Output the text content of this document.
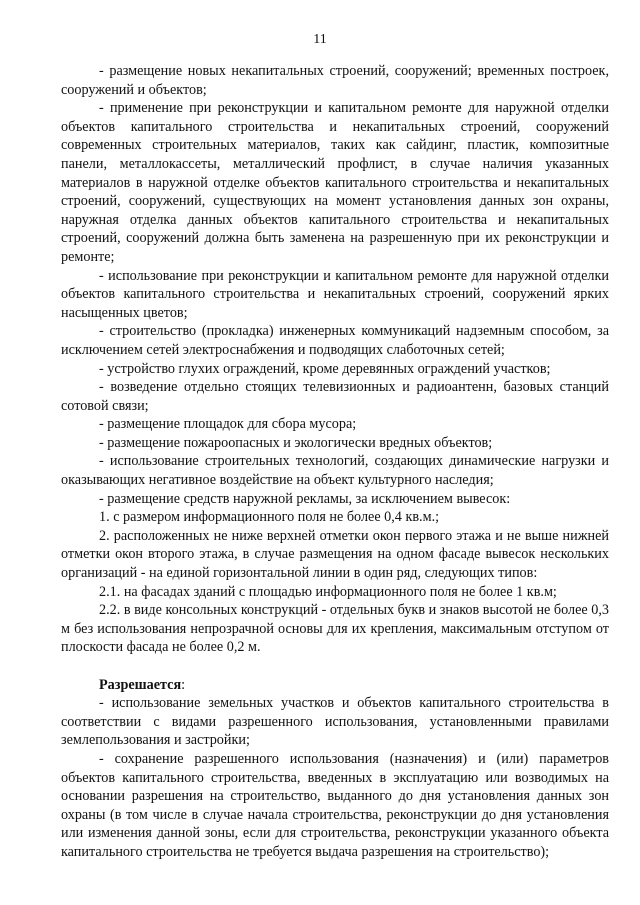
11

- размещение новых некапитальных строений, сооружений; временных построек, сооружений и объектов;

- применение при реконструкции и капитальном ремонте для наружной отделки объектов капитального строительства и некапитальных строений, сооружений современных строительных материалов, таких как сайдинг, пластик, композитные панели, металлокассеты, металлический профлист, в случае наличия указанных материалов в наружной отделке объектов капитального строительства и некапитальных строений, сооружений, существующих на момент установления данных зон охраны, наружная отделка данных объектов капитального строительства и некапитальных строений, сооружений должна быть заменена на разрешенную при их реконструкции и ремонте;

- использование при реконструкции и капитальном ремонте для наружной отделки объектов капитального строительства и некапитальных строений, сооружений ярких насыщенных цветов;

- строительство (прокладка) инженерных коммуникаций надземным способом, за исключением сетей электроснабжения и подводящих слаботочных сетей;

- устройство глухих ограждений, кроме деревянных ограждений участков;

- возведение отдельно стоящих телевизионных и радиоантенн, базовых станций сотовой связи;

- размещение площадок для сбора мусора;

- размещение пожароопасных и экологически вредных объектов;

- использование строительных технологий, создающих динамические нагрузки и оказывающих негативное воздействие на объект культурного наследия;

- размещение средств наружной рекламы, за исключением вывесок:

1. с размером информационного поля не более 0,4 кв.м.;

2. расположенных не ниже верхней отметки окон первого этажа и не выше нижней отметки окон второго этажа, в случае размещения на одном фасаде вывесок нескольких организаций - на единой горизонтальной линии в один ряд, следующих типов:

2.1. на фасадах зданий с площадью информационного поля не более 1 кв.м;

2.2. в виде консольных конструкций - отдельных букв и знаков высотой не более 0,3 м без использования непрозрачной основы для их крепления, максимальным отступом от плоскости фасада не более 0,2 м.

Разрешается:

- использование земельных участков и объектов капитального строительства в соответствии с видами разрешенного использования, установленными правилами землепользования и застройки;

- сохранение разрешенного использования (назначения) и (или) параметров объектов капитального строительства, введенных в эксплуатацию или возводимых на основании разрешения на строительство, выданного до дня установления данных зон охраны (в том числе в случае начала строительства, реконструкции до дня установления или изменения данной зоны, если для строительства, реконструкции указанного объекта капитального строительства не требуется выдача разрешения на строительство);
